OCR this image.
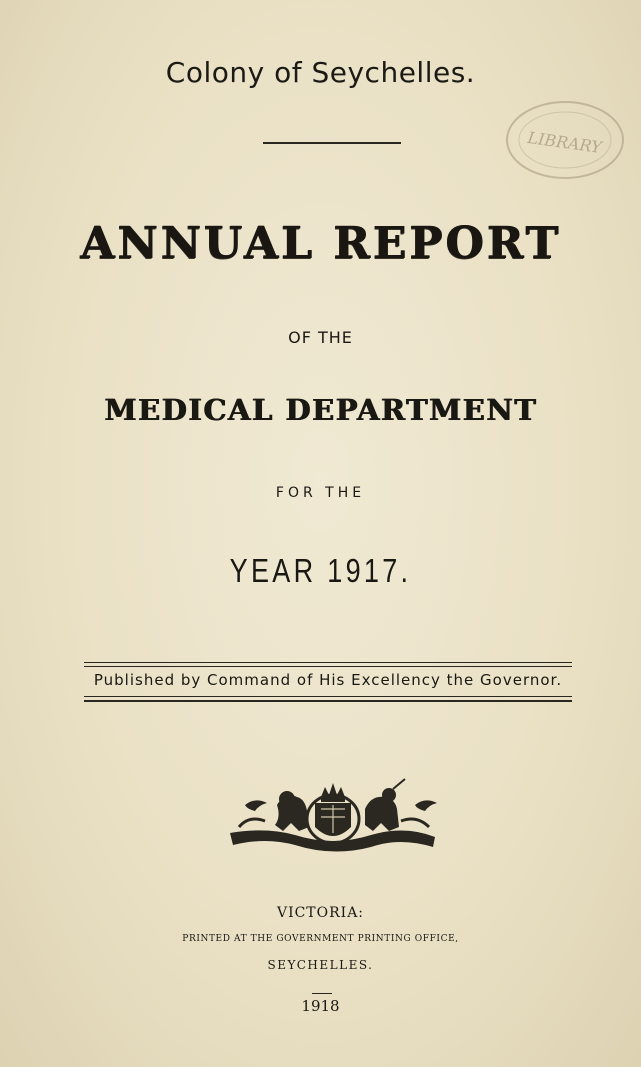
Colony of Seychelles.
LIBRARY
ANNUAL REPORT
OF THE
MEDICAL DEPARTMENT
FOR THE
YEAR 1917.
Published by Command of His Excellency the Governor.
VICTORIA:
PRINTED AT THE GOVERNMENT PRINTING OFFICE,
SEYCHELLES.
1918
